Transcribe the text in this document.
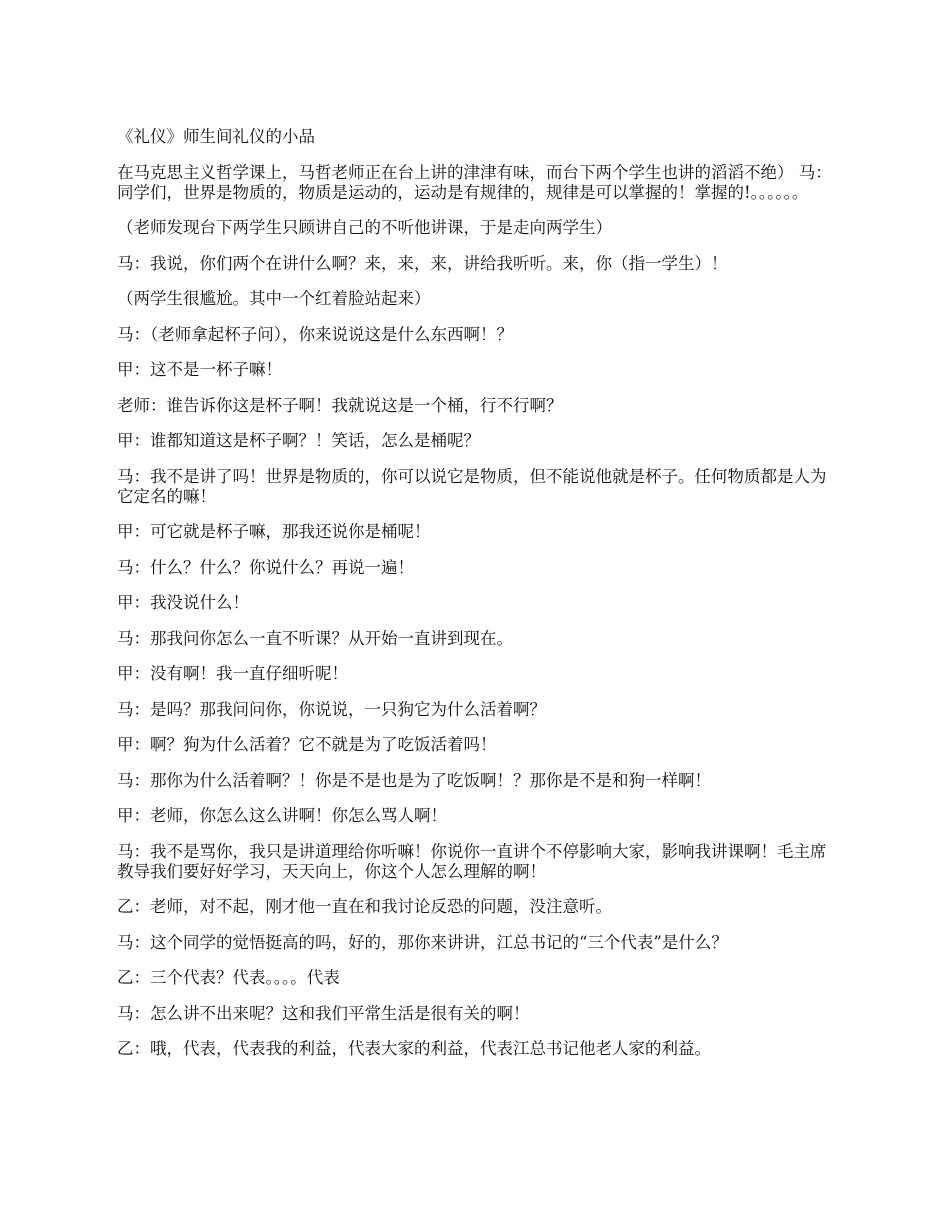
《礼仪》师生间礼仪的小品

在马克思主义哲学课上，马哲老师正在台上讲的津津有味，而台下两个学生也讲的滔滔不绝） 马：同学们，世界是物质的，物质是运动的，运动是有规律的，规律是可以掌握的！掌握的!。。。。。。

（老师发现台下两学生只顾讲自己的不听他讲课，于是走向两学生）

马：我说，你们两个在讲什么啊？来，来，来，讲给我听听。来，你（指一学生）！

（两学生很尴尬。其中一个红着脸站起来）

马：（老师拿起杯子问），你来说说这是什么东西啊！？

甲：这不是一杯子嘛！

老师：谁告诉你这是杯子啊！我就说这是一个桶，行不行啊？

甲：谁都知道这是杯子啊？！笑话，怎么是桶呢？

马：我不是讲了吗！世界是物质的，你可以说它是物质，但不能说他就是杯子。任何物质都是人为它定名的嘛！

甲：可它就是杯子嘛，那我还说你是桶呢！

马：什么？什么？你说什么？再说一遍！

甲：我没说什么！

马：那我问你怎么一直不听课？从开始一直讲到现在。

甲：没有啊！我一直仔细听呢！

马：是吗？那我问问你，你说说，一只狗它为什么活着啊？

甲：啊？狗为什么活着？它不就是为了吃饭活着吗！

马：那你为什么活着啊？！你是不是也是为了吃饭啊！？那你是不是和狗一样啊！

甲：老师，你怎么这么讲啊！你怎么骂人啊！

马：我不是骂你，我只是讲道理给你听嘛！你说你一直讲个不停影响大家，影响我讲课啊！毛主席教导我们要好好学习，天天向上，你这个人怎么理解的啊！

乙：老师，对不起，刚才他一直在和我讨论反恐的问题，没注意听。

马：这个同学的觉悟挺高的吗，好的，那你来讲讲，江总书记的“三个代表”是什么？

乙：三个代表？代表。。。。代表

马：怎么讲不出来呢？这和我们平常生活是很有关的啊！

乙：哦，代表，代表我的利益，代表大家的利益，代表江总书记他老人家的利益。
